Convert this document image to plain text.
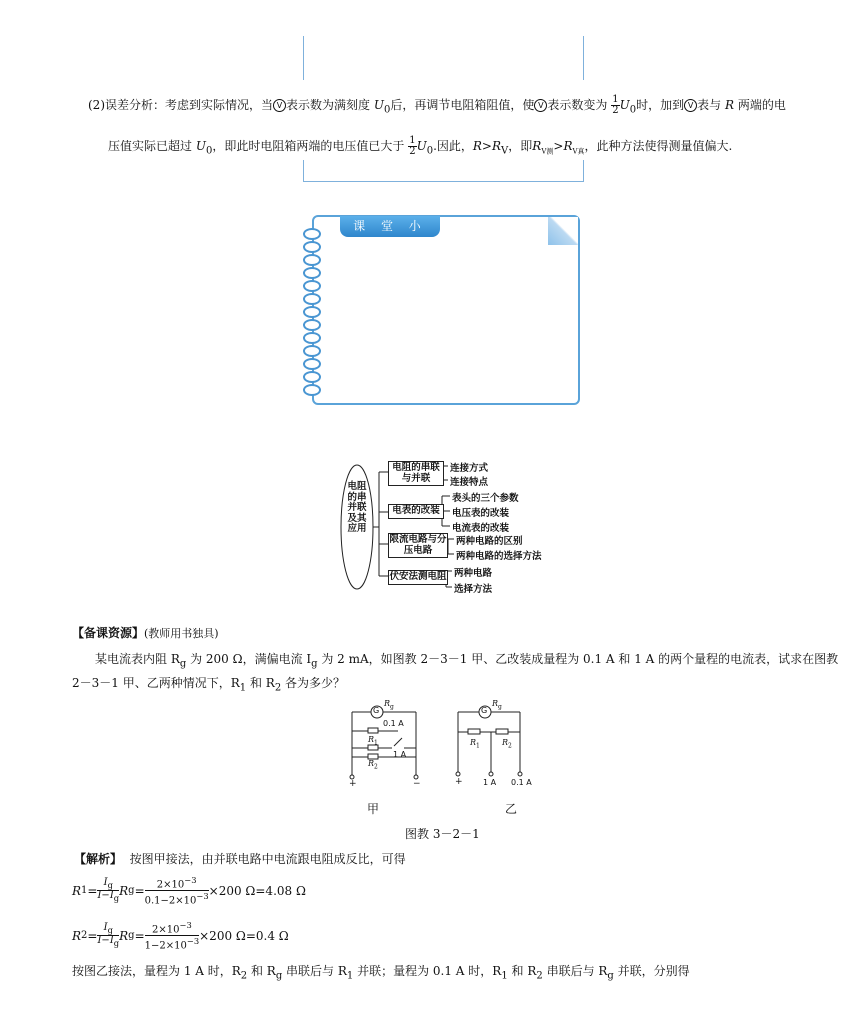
(2)误差分析：考虑到实际情况，当 V 表示数为满刻度 $U_0$后，再调节电阻箱阻值，使 V 表示数变为 $\frac{1}{2} U_0$时，加到 V 表与 R 两端的电
压值实际已超过 $U_0$，即此时电阻箱两端的电压值已大于 $\frac{1}{2} U_0$.因此，$R>R_V$，即$R_{V测}>R_{V真}$，此种方法使得测量值偏大.
课 堂 小 结
电阻的串并联及其应用
电阻的串联与并联
电表的改装
限流电路与分压电路
伏安法测电阻
连接方式
连接特点
表头的三个参数
电压表的改装
电流表的改装
两种电路的区别
两种电路的选择方法
两种电路
选择方法
【备课资源】(教师用书独具)
某电流表内阻 $R_g$ 为 200 Ω，满偏电流 $I_g$ 为 2 mA，如图教 2－3－1 甲、乙改装成量程为 0.1 A 和 1 A 的两个量程的电流表，试求在图教
2－3－1 甲、乙两种情况下，$R_1$ 和 $R_2$ 各为多少？
G	G
$R_g$	$R_g$
0.1 A
$R_1$
1 A
$R_2$
+	−
$R_1$	$R_2$
+	1 A 0.1 A
甲	乙
图教 3－2－1
【解析】 按图甲接法，由并联电路中电流跟电阻成反比，可得
R $1 = \frac{I_g}{I-I_g}$ R $g = \frac{2\times 10^{-3}}{0.1-2\times 10^{-3}} \times 200$ Ω=4.08 Ω
R $2 = \frac{I_g}{I-I_g}$ R $g = \frac{2\times 10^{-3}}{1-2\times 10^{-3}} \times 200$ Ω=0.4 Ω
按图乙接法，量程为 1 A 时，$R_2$ 和 $R_g$ 串联后与 $R_1$ 并联；量程为 0.1 A 时，$R_1$ 和 $R_2$ 串联后与 $R_g$ 并联，分别得
